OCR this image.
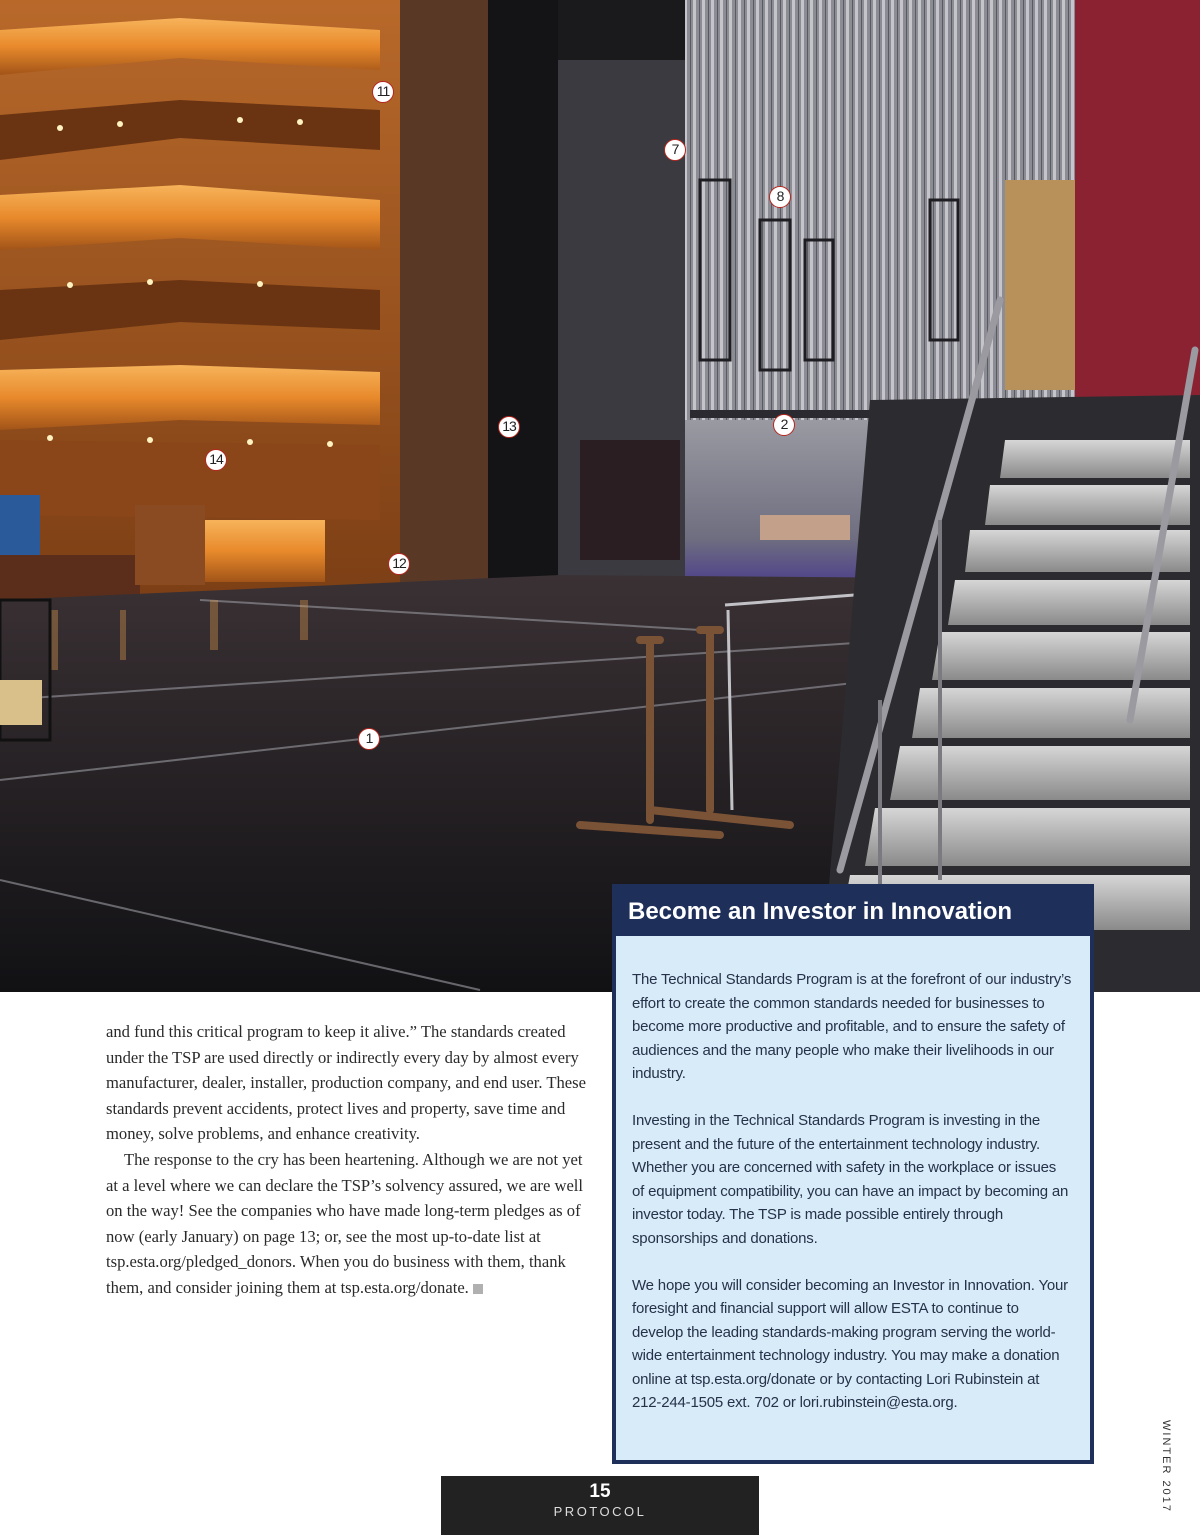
11
7
8
13	2
14
12
1

and fund this critical program to keep it alive.” The standards created under the TSP are used directly or indirectly every day by almost every manufacturer, dealer, installer, production company, and end user. These standards prevent accidents, protect lives and property, save time and money, solve problems, and enhance creativity.

The response to the cry has been heartening. Although we are not yet at a level where we can declare the TSP’s solvency assured, we are well on the way! See the companies who have made long-term pledges as of now (early January) on page 13; or, see the most up-to-date list at tsp.esta.org/pledged_donors. When you do business with them, thank them, and consider joining them at tsp.esta.org/donate.

Become an Investor in Innovation

The Technical Standards Program is at the forefront of our industry’s effort to create the common standards needed for businesses to become more productive and profitable, and to ensure the safety of audiences and the many people who make their livelihoods in our industry.

Investing in the Technical Standards Program is investing in the present and the future of the entertainment technology industry. Whether you are concerned with safety in the workplace or issues of equipment compatibility, you can have an impact by becoming an investor today. The TSP is made possible entirely through sponsorships and donations.

We hope you will consider becoming an Investor in Innovation. Your foresight and financial support will allow ESTA to continue to develop the leading standards-making program serving the world-wide entertainment technology industry. You may make a donation online at tsp.esta.org/donate or by contacting Lori Rubinstein at 212-244-1505 ext. 702 or lori.rubinstein@esta.org.

15
PROTOCOL	WINTER 2017
